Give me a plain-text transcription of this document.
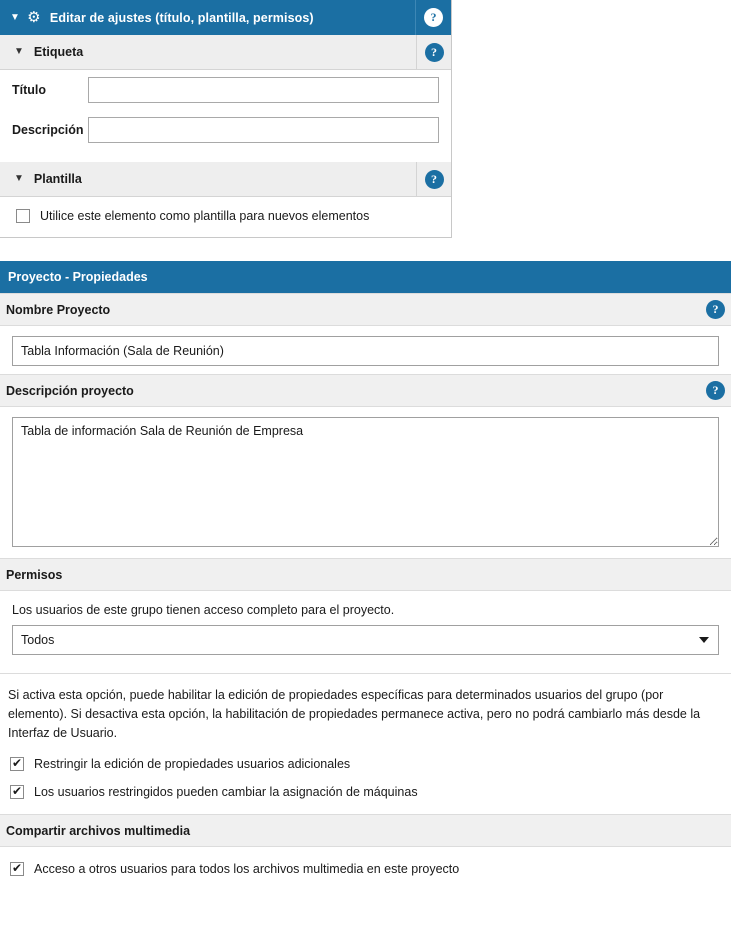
▼ ⚙ Editar de ajustes (título, plantilla, permisos)	?
▼ Etiqueta	?
Título
Descripción
▼ Plantilla	?
Utilice este elemento como plantilla para nuevos elementos
Proyecto - Propiedades
Nombre Proyecto	?
Tabla Información (Sala de Reunión)
Descripción proyecto	?
Tabla de información Sala de Reunión de Empresa
Permisos
Los usuarios de este grupo tienen acceso completo para el proyecto.
Todos
Si activa esta opción, puede habilitar la edición de propiedades específicas para determinados usuarios del grupo (por elemento). Si desactiva esta opción, la habilitación de propiedades permanece activa, pero no podrá cambiarlo más desde la Interfaz de Usuario.
✔
Restringir la edición de propiedades usuarios adicionales
✔
Los usuarios restringidos pueden cambiar la asignación de máquinas
Compartir archivos multimedia
✔
Acceso a otros usuarios para todos los archivos multimedia en este proyecto
